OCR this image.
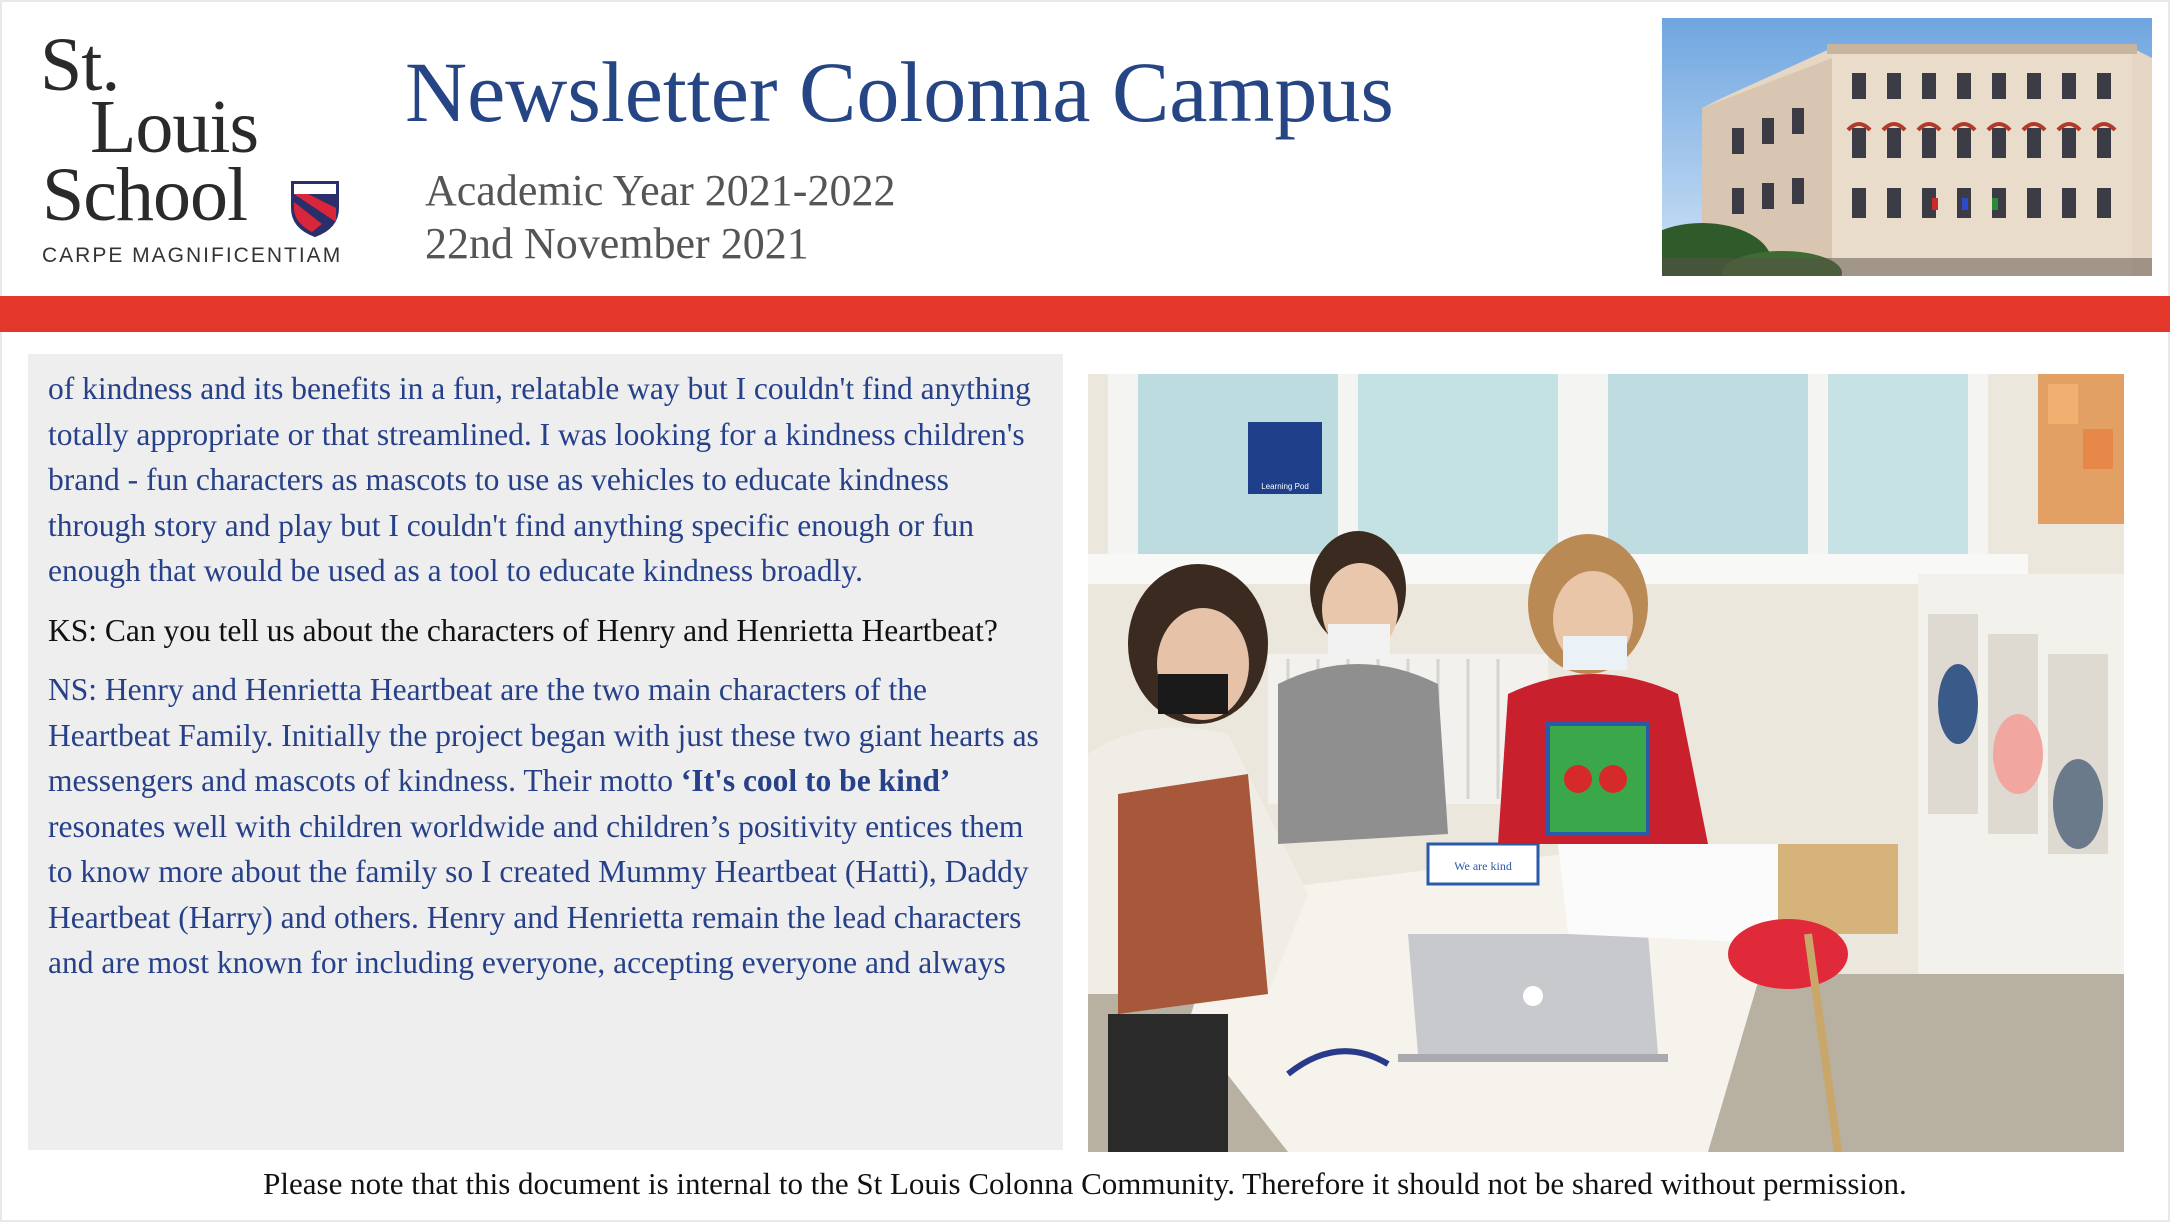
St.
Louis
School
CARPE MAGNIFICENTIAM
Newsletter Colonna Campus
Academic Year 2021-2022
22nd November 2021

of kindness and its benefits in a fun, relatable way but I couldn't find anything totally appropriate or that streamlined. I was looking for a kindness children's brand - fun characters as mascots to use as vehicles to educate kindness through story and play but I couldn't find anything specific enough or fun enough that would be used as a tool to educate kindness broadly.

KS: Can you tell us about the characters of Henry and Henrietta Heartbeat?

NS: Henry and Henrietta Heartbeat are the two main characters of the Heartbeat Family. Initially the project began with just these two giant hearts as messengers and mascots of kindness. Their motto ‘It's cool to be kind’ resonates well with children worldwide and children’s positivity entices them to know more about the family so I created Mummy Heartbeat (Hatti), Daddy Heartbeat (Harry) and others. Henry and Henrietta remain the lead characters and are most known for including everyone, accepting everyone and always

Learning Pod
We are kind
Please note that this document is internal to the St Louis Colonna Community. Therefore it should not be shared without permission.
